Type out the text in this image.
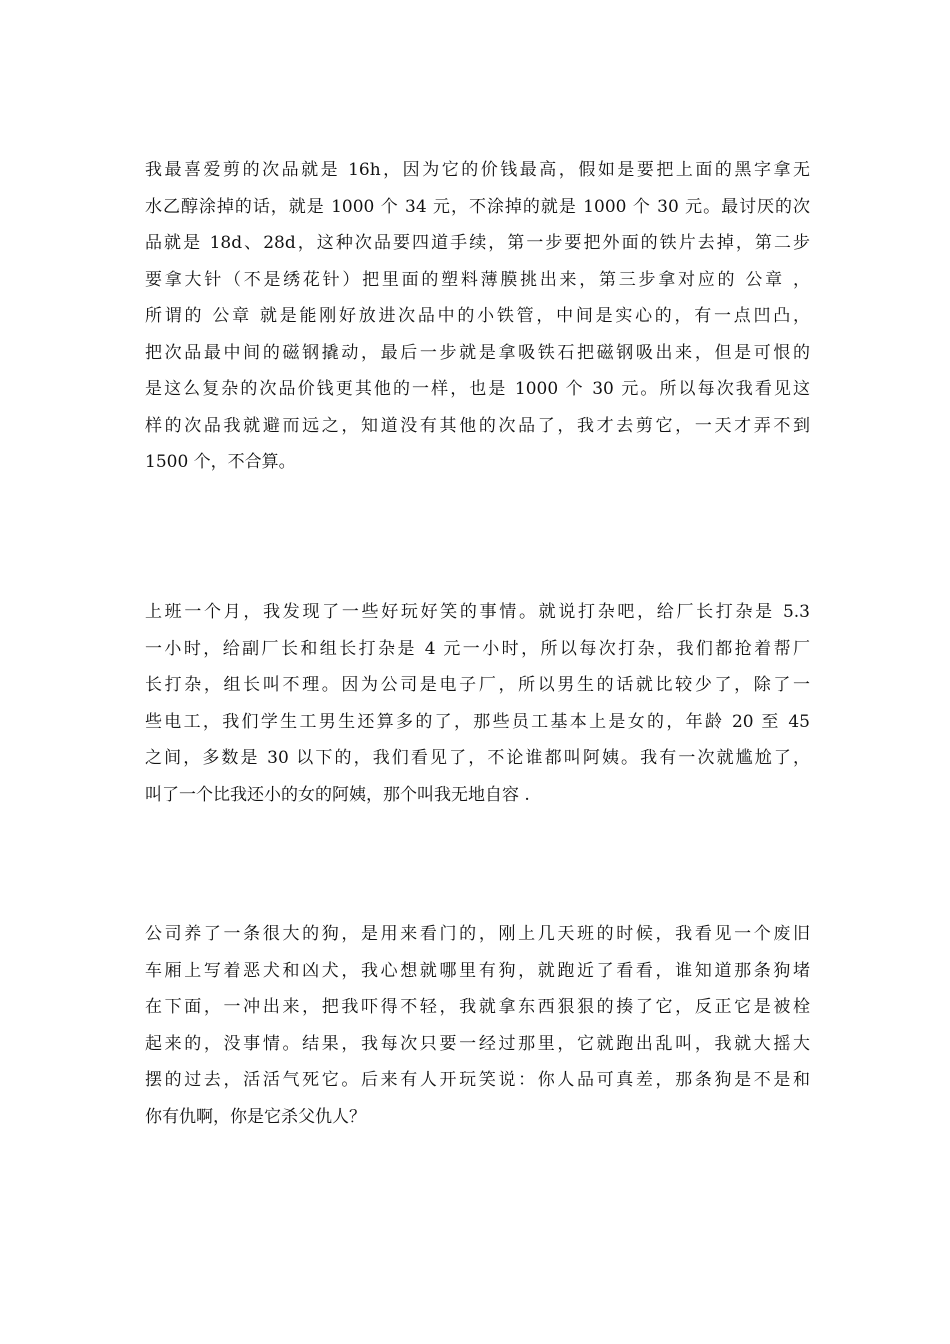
我最喜爱剪的次品就是 16h，因为它的价钱最高，假如是要把上面的黑字拿无
水乙醇涂掉的话，就是 1000 个 34 元，不涂掉的就是 1000 个 30 元。最讨厌的次
品就是 18d、28d，这种次品要四道手续，第一步要把外面的铁片去掉，第二步
要拿大针（不是绣花针）把里面的塑料薄膜挑出来，第三步拿对应的 公章 ，
所谓的 公章 就是能刚好放进次品中的小铁管，中间是实心的，有一点凹凸，
把次品最中间的磁钢撬动，最后一步就是拿吸铁石把磁钢吸出来，但是可恨的
是这么复杂的次品价钱更其他的一样，也是 1000 个 30 元。所以每次我看见这
样的次品我就避而远之，知道没有其他的次品了，我才去剪它，一天才弄不到
1500 个，不合算。
上班一个月，我发现了一些好玩好笑的事情。就说打杂吧，给厂长打杂是 5.3
一小时，给副厂长和组长打杂是 4 元一小时，所以每次打杂，我们都抢着帮厂
长打杂，组长叫不理。因为公司是电子厂，所以男生的话就比较少了，除了一
些电工，我们学生工男生还算多的了，那些员工基本上是女的，年龄 20 至 45
之间，多数是 30 以下的，我们看见了，不论谁都叫阿姨。我有一次就尴尬了，
叫了一个比我还小的女的阿姨，那个叫我无地自容 .
公司养了一条很大的狗，是用来看门的，刚上几天班的时候，我看见一个废旧
车厢上写着恶犬和凶犬，我心想就哪里有狗，就跑近了看看，谁知道那条狗堵
在下面，一冲出来，把我吓得不轻，我就拿东西狠狠的揍了它，反正它是被栓
起来的，没事情。结果，我每次只要一经过那里，它就跑出乱叫，我就大摇大
摆的过去，活活气死它。后来有人开玩笑说：你人品可真差，那条狗是不是和
你有仇啊，你是它杀父仇人？
